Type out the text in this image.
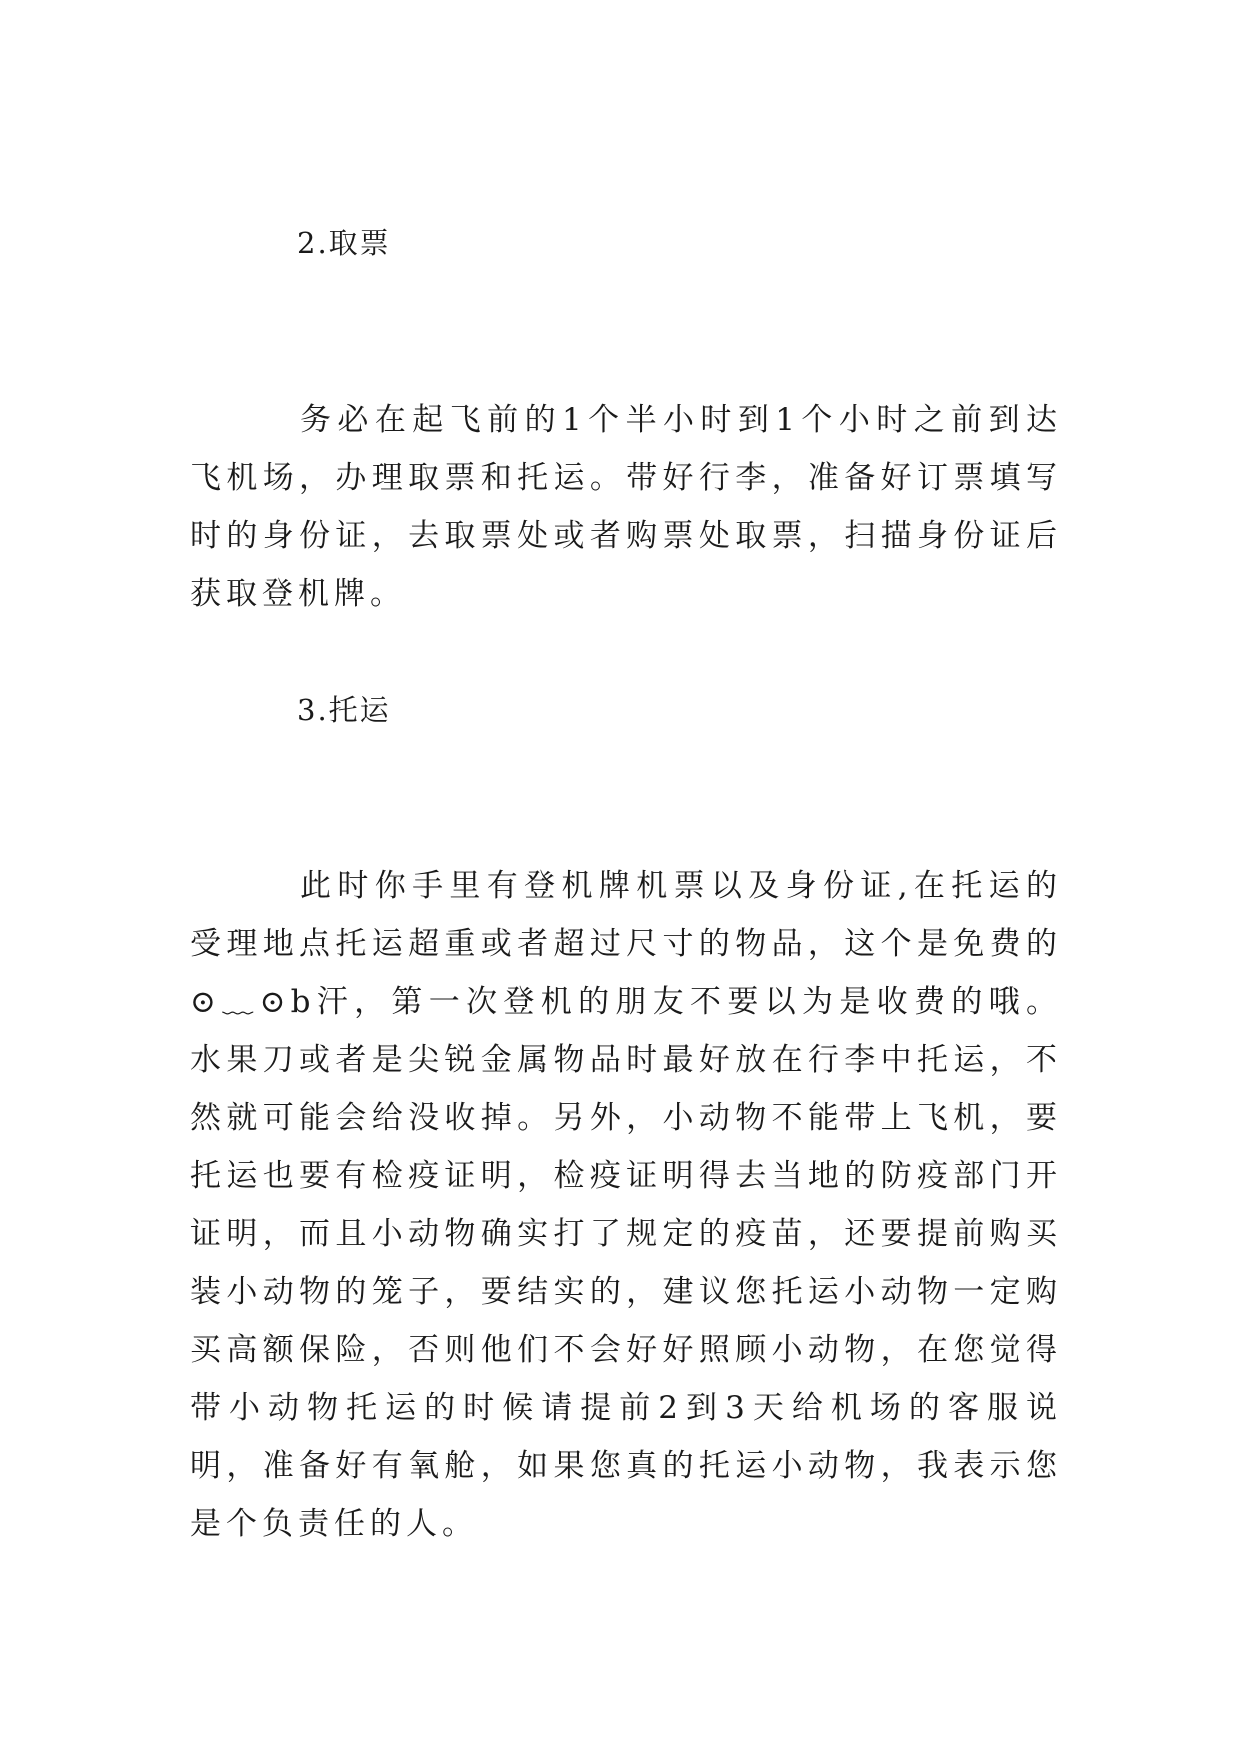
2.取票

务必在起飞前的1个半小时到1个小时之前到达飞机场，办理取票和托运。带好行李，准备好订票填写时的身份证，去取票处或者购票处取票，扫描身份证后获取登机牌。

3.托运

此时你手里有登机牌机票以及身份证,在托运的受理地点托运超重或者超过尺寸的物品，这个是免费的⊙﹏⊙b汗，第一次登机的朋友不要以为是收费的哦。水果刀或者是尖锐金属物品时最好放在行李中托运，不然就可能会给没收掉。另外，小动物不能带上飞机，要托运也要有检疫证明，检疫证明得去当地的防疫部门开证明，而且小动物确实打了规定的疫苗，还要提前购买装小动物的笼子，要结实的，建议您托运小动物一定购买高额保险，否则他们不会好好照顾小动物，在您觉得带小动物托运的时候请提前2到3天给机场的客服说明，准备好有氧舱，如果您真的托运小动物，我表示您是个负责任的人。
